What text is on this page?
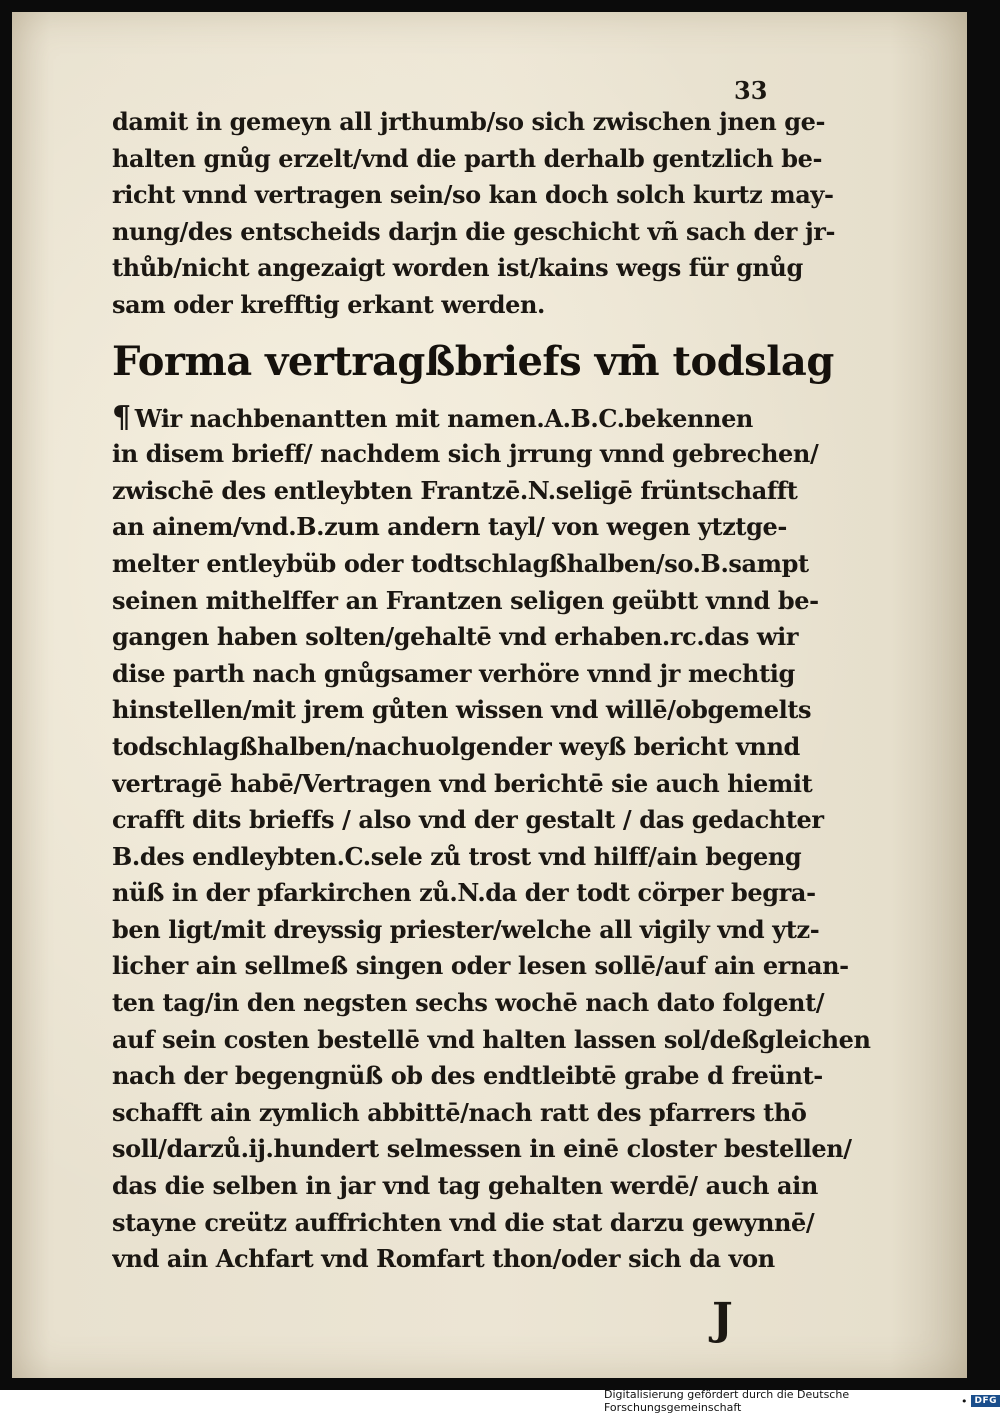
33
damit in gemeyn all jrthumb/so sich zwischen jnen ge-
halten gnůg erzelt/vnd die parth derhalb gentzlich be-
richt vnnd vertragen sein/so kan doch solch kurtz may-
nung/des entscheids darjn die geschicht vñ sach der jr-
thůb/nicht angezaigt worden ist/kains wegs für gnůg
sam oder krefftig erkant werden.
Forma vertragßbriefs vm̄ todslag
¶ Wir nachbenantten mit namen.A.B.C.bekennen
in disem brieff/ nachdem sich jrrung vnnd gebrechen/
zwischē des entleybten Frantzē.N.seligē früntschafft
an ainem/vnd.B.zum andern tayl/ von wegen ytztge-
melter entleybüb oder todtschlagßhalben/so.B.sampt
seinen mithelffer an Frantzen seligen geübtt vnnd be-
gangen haben solten/gehaltē vnd erhaben.rc.das wir
dise parth nach gnůgsamer verhöre vnnd jr mechtig
hinstellen/mit jrem gůten wissen vnd willē/obgemelts
todschlagßhalben/nachuolgender weyß bericht vnnd
vertragē habē/Vertragen vnd berichtē sie auch hiemit
crafft dits brieffs / also vnd der gestalt / das gedachter
B.des endleybten.C.sele zů trost vnd hilff/ain begeng
nüß in der pfarkirchen zů.N.da der todt cörper begra-
ben ligt/mit dreyssig priester/welche all vigily vnd ytz-
licher ain sellmeß singen oder lesen sollē/auf ain ernan-
ten tag/in den negsten sechs wochē nach dato folgent/
auf sein costen bestellē vnd halten lassen sol/deßgleichen
nach der begengnüß ob des endtleibtē grabe d freünt-
schafft ain zymlich abbittē/nach ratt des pfarrers thō
soll/darzů.ij.hundert selmessen in einē closter bestellen/
das die selben in jar vnd tag gehalten werdē/ auch ain
stayne creütz auffrichten vnd die stat darzu gewynnē/
vnd ain Achfart vnd Romfart thon/oder sich da von
J
Digitalisierung gefördert durch die Deutsche Forschungsgemeinschaft	• DFG
